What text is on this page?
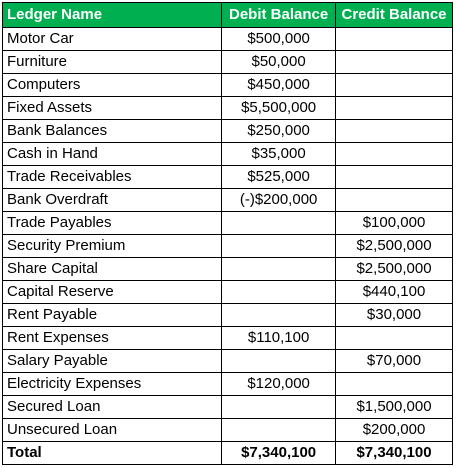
Ledger Name	Debit Balance	Credit Balance
Motor Car	$500,000	
Furniture	$50,000	
Computers	$450,000	
Fixed Assets	$5,500,000	
Bank Balances	$250,000	
Cash in Hand	$35,000	
Trade Receivables	$525,000	
Bank Overdraft	(-)$200,000	
Trade Payables		$100,000
Security Premium		$2,500,000
Share Capital		$2,500,000
Capital Reserve		$440,100
Rent Payable		$30,000
Rent Expenses	$110,100	
Salary Payable		$70,000
Electricity Expenses	$120,000	
Secured Loan		$1,500,000
Unsecured Loan		$200,000
Total	$7,340,100	$7,340,100
